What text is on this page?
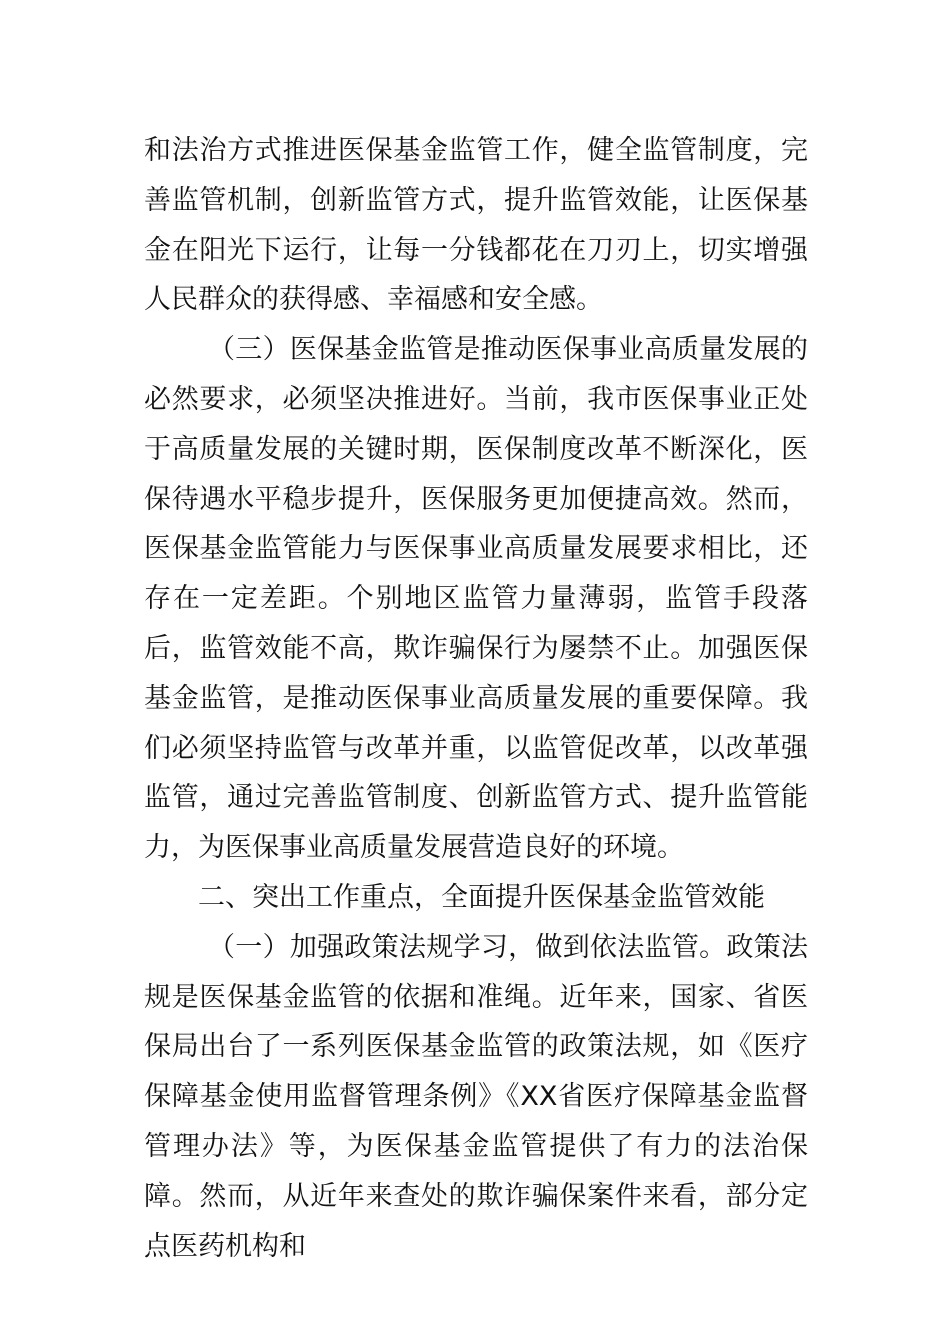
和法治方式推进医保基金监管工作，健全监管制度，完善监管机制，创新监管方式，提升监管效能，让医保基金在阳光下运行，让每一分钱都花在刀刃上，切实增强人民群众的获得感、幸福感和安全感。

（三）医保基金监管是推动医保事业高质量发展的必然要求，必须坚决推进好。当前，我市医保事业正处于高质量发展的关键时期，医保制度改革不断深化，医保待遇水平稳步提升，医保服务更加便捷高效。然而，医保基金监管能力与医保事业高质量发展要求相比，还存在一定差距。个别地区监管力量薄弱，监管手段落后，监管效能不高，欺诈骗保行为屡禁不止。加强医保基金监管，是推动医保事业高质量发展的重要保障。我们必须坚持监管与改革并重，以监管促改革，以改革强监管，通过完善监管制度、创新监管方式、提升监管能力，为医保事业高质量发展营造良好的环境。

二、突出工作重点，全面提升医保基金监管效能

（一）加强政策法规学习，做到依法监管。政策法规是医保基金监管的依据和准绳。近年来，国家、省医保局出台了一系列医保基金监管的政策法规，如《医疗保障基金使用监督管理条例》《XX省医疗保障基金监督管理办法》等，为医保基金监管提供了有力的法治保障。然而，从近年来查处的欺诈骗保案件来看，部分定点医药机构和
